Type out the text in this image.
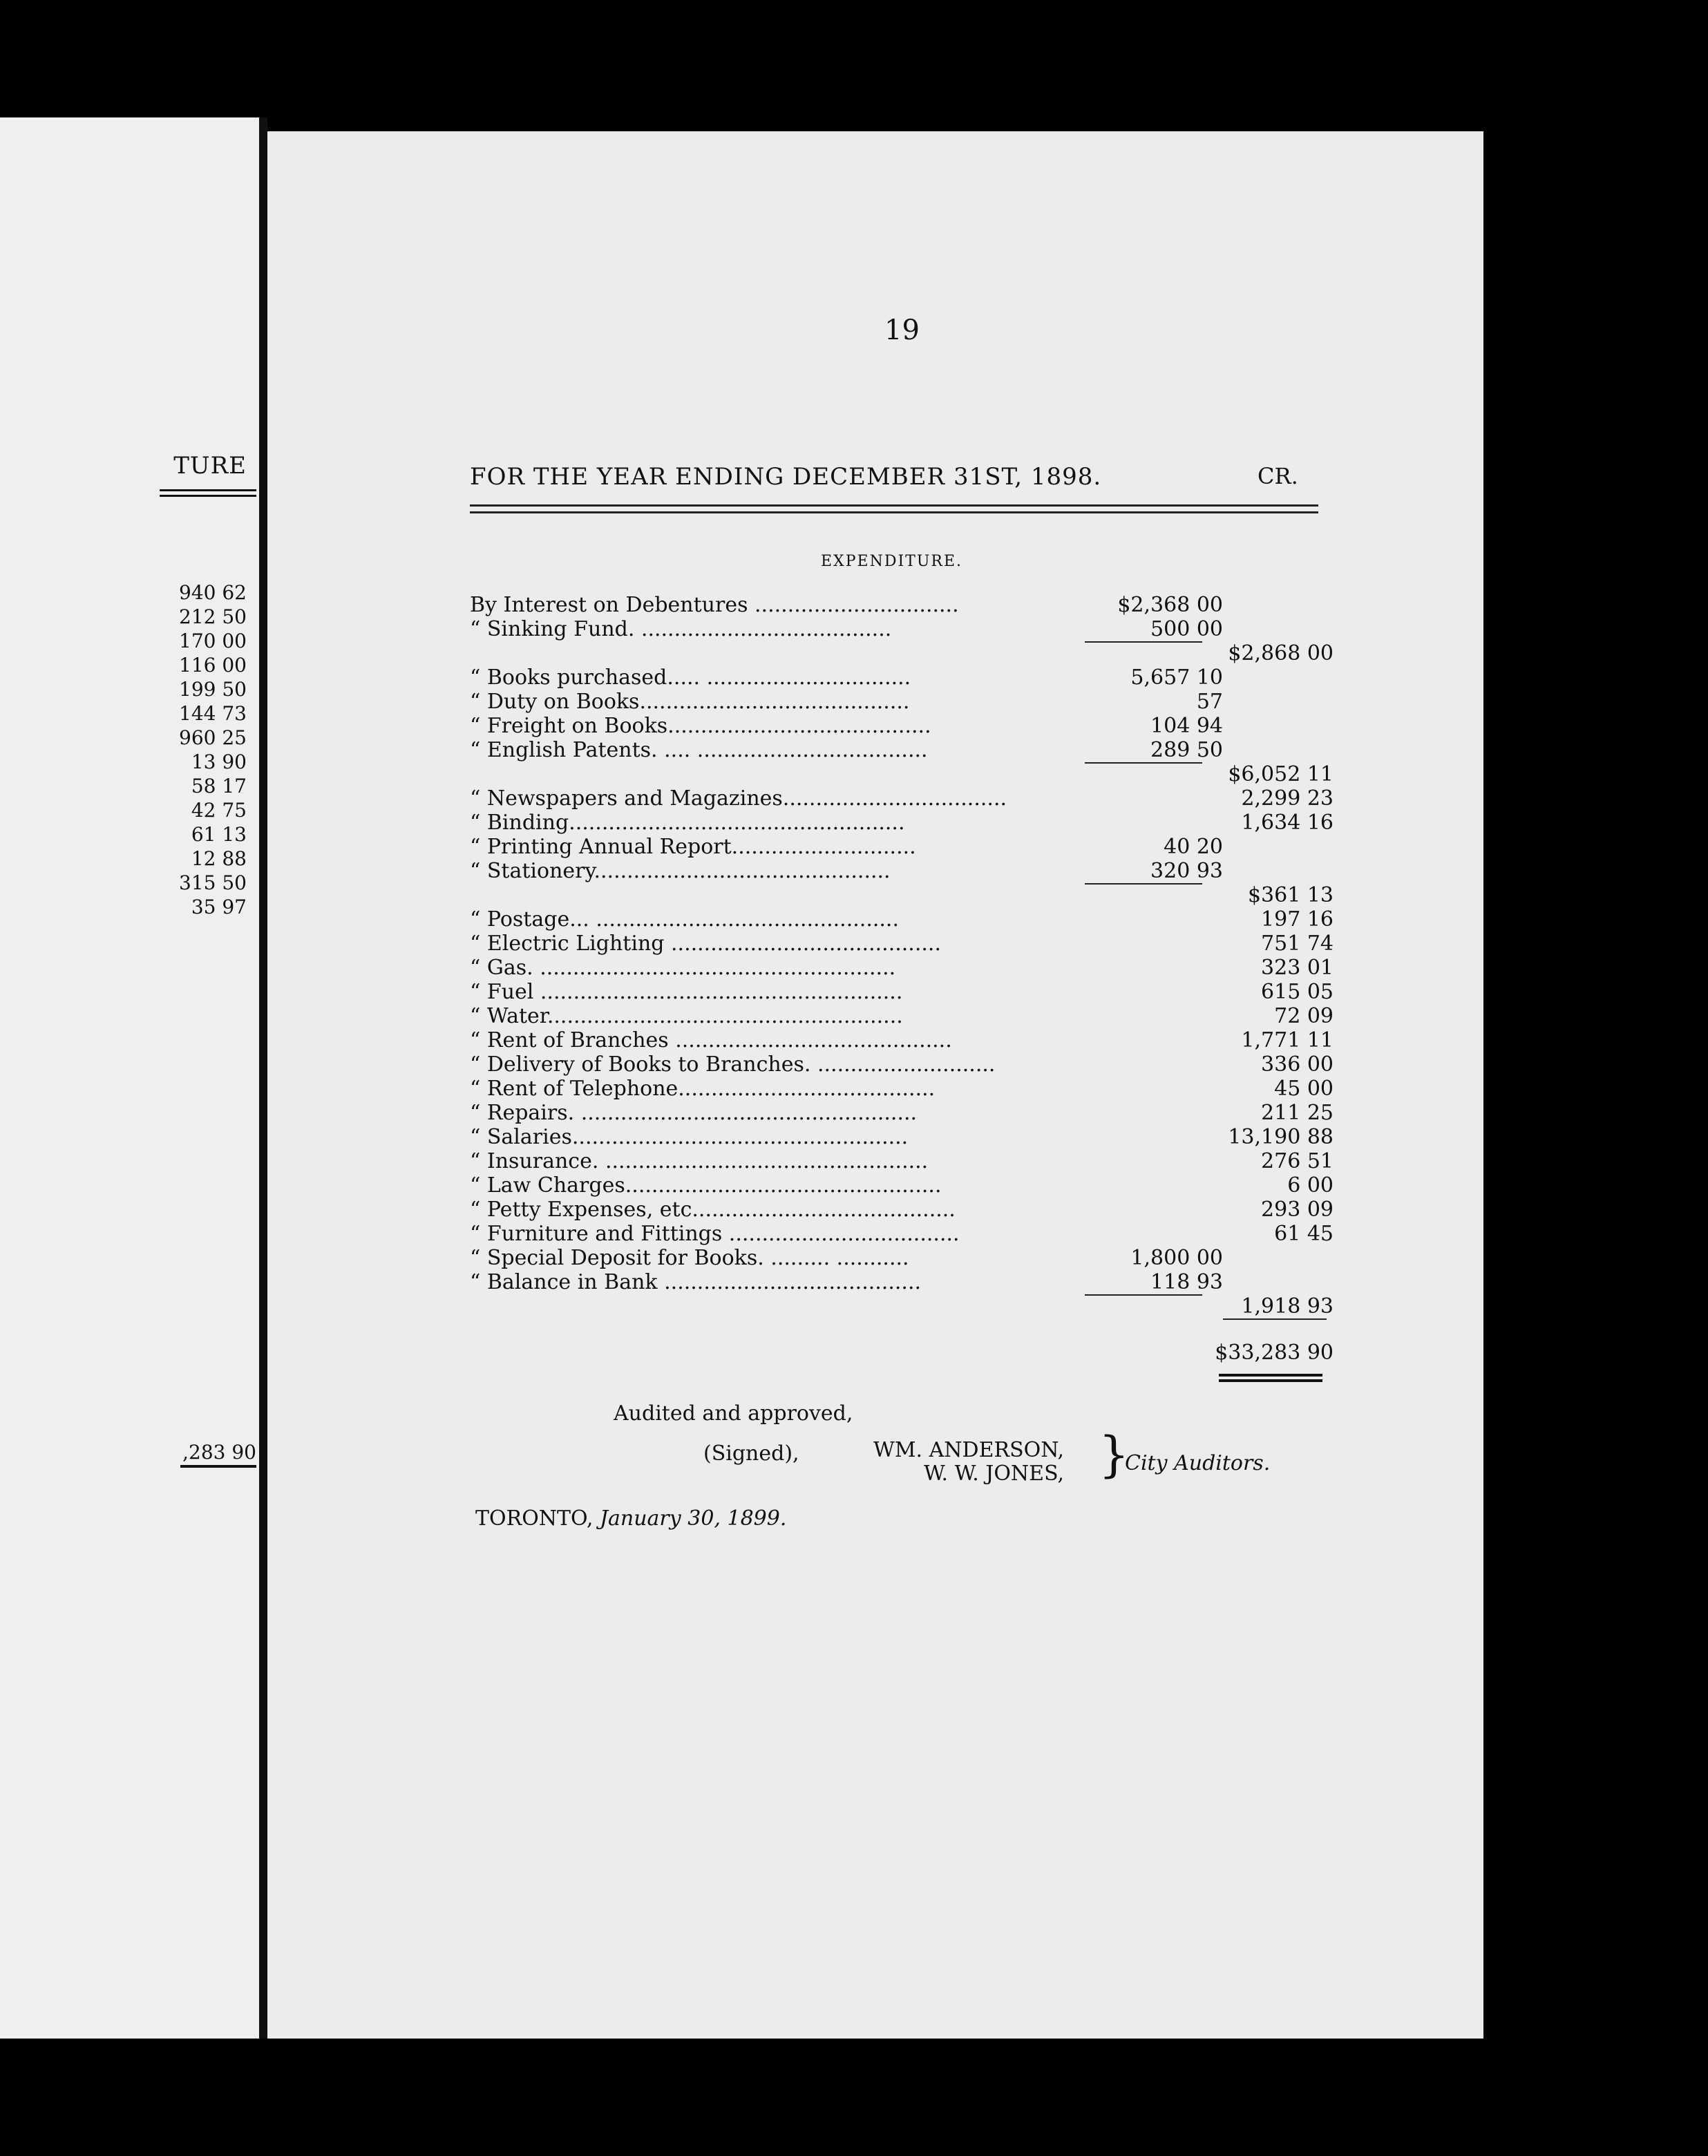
TURE
940 62
212 50
170 00
116 00
199 50
144 73
960 25
13 90
58 17
42 75
61 13
12 88
315 50
35 97
,283 90
19
FOR THE YEAR ENDING DECEMBER 31ST, 1898.	CR.
EXPENDITURE.
By Interest on Debentures ...............................	$2,368 00
“ Sinking Fund. ......................................	500 00
$2,868 00
“ Books purchased..... ...............................	5,657 10
“ Duty on Books.........................................	57
“ Freight on Books........................................	104 94
“ English Patents. .... ...................................	289 50
$6,052 11
“ Newspapers and Magazines..................................	2,299 23
“ Binding...................................................	1,634 16
“ Printing Annual Report............................	40 20
“ Stationery.............................................	320 93
$361 13
“ Postage... ..............................................	197 16
“ Electric Lighting .........................................	751 74
“ Gas. ......................................................	323 01
“ Fuel .......................................................	615 05
“ Water......................................................	72 09
“ Rent of Branches ..........................................	1,771 11
“ Delivery of Books to Branches. ...........................	336 00
“ Rent of Telephone.......................................	45 00
“ Repairs. ...................................................	211 25
“ Salaries...................................................	13,190 88
“ Insurance. .................................................	276 51
“ Law Charges................................................	6 00
“ Petty Expenses, etc........................................	293 09
“ Furniture and Fittings ...................................	61 45
“ Special Deposit for Books. ......... ...........	1,800 00
“ Balance in Bank .......................................	118 93
1,918 93
$33,283 90
Audited and approved,
(Signed),	WM. ANDERSON,
W. W. JONES, }
City Auditors.
TORONTO, January 30, 1899.
